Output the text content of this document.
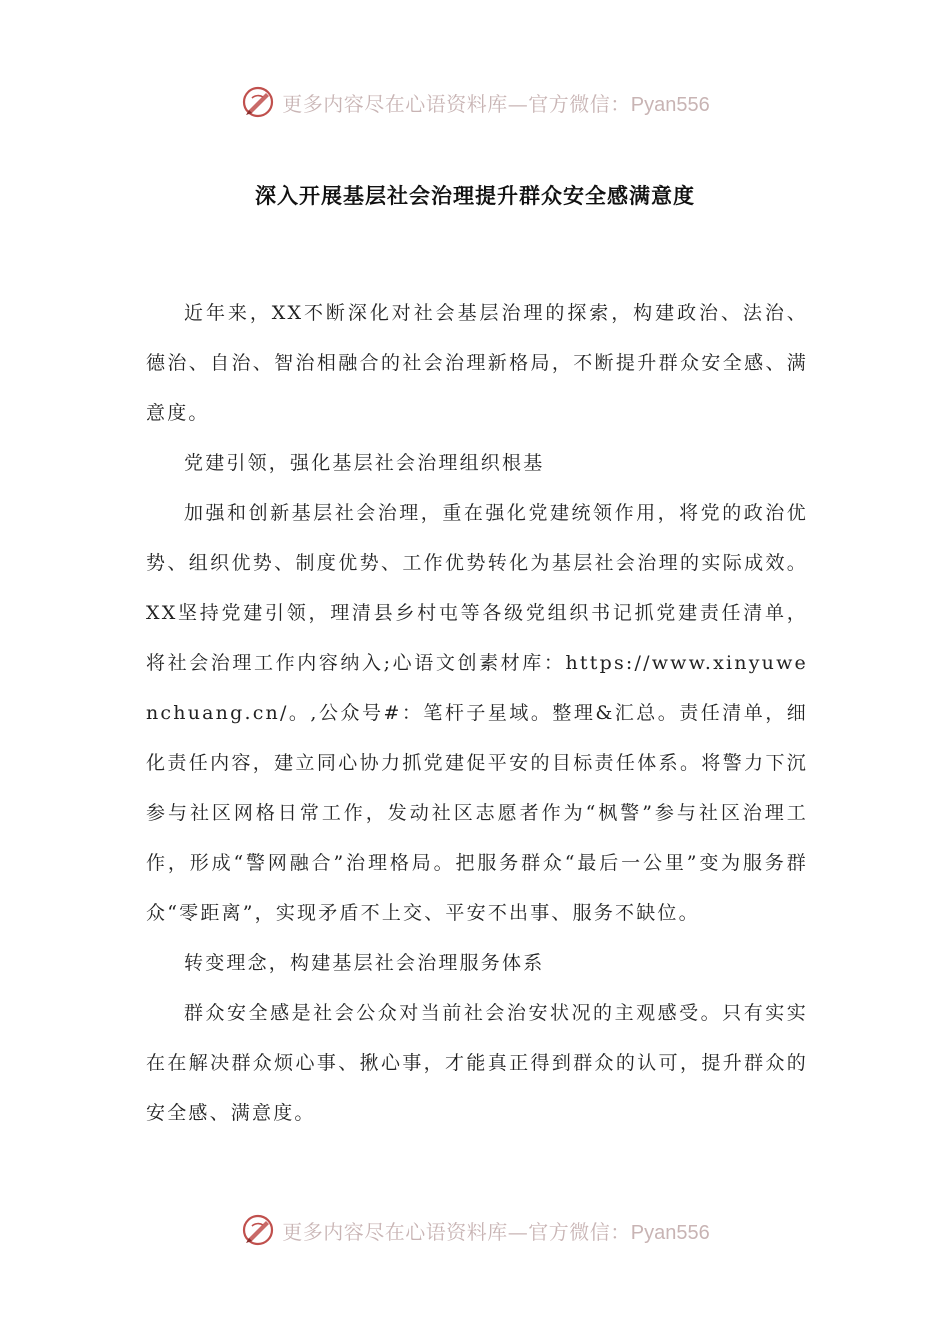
更多内容尽在心语资料库—官方微信：Pyan556
深入开展基层社会治理提升群众安全感满意度

近年来，XX不断深化对社会基层治理的探索，构建政治、法治、德治、自治、智治相融合的社会治理新格局，不断提升群众安全感、满意度。

党建引领，强化基层社会治理组织根基

加强和创新基层社会治理，重在强化党建统领作用，将党的政治优势、组织优势、制度优势、工作优势转化为基层社会治理的实际成效。XX坚持党建引领，理清县乡村屯等各级党组织书记抓党建责任清单，将社会治理工作内容纳入;心语文创素材库：https://www.xinyuwenchuang.cn/。,公众号#：笔杆子星域。整理&汇总。责任清单，细化责任内容，建立同心协力抓党建促平安的目标责任体系。将警力下沉参与社区网格日常工作，发动社区志愿者作为“枫警”参与社区治理工作，形成“警网融合”治理格局。把服务群众“最后一公里”变为服务群众“零距离”，实现矛盾不上交、平安不出事、服务不缺位。

转变理念，构建基层社会治理服务体系

群众安全感是社会公众对当前社会治安状况的主观感受。只有实实在在解决群众烦心事、揪心事，才能真正得到群众的认可，提升群众的安全感、满意度。

更多内容尽在心语资料库—官方微信：Pyan556
